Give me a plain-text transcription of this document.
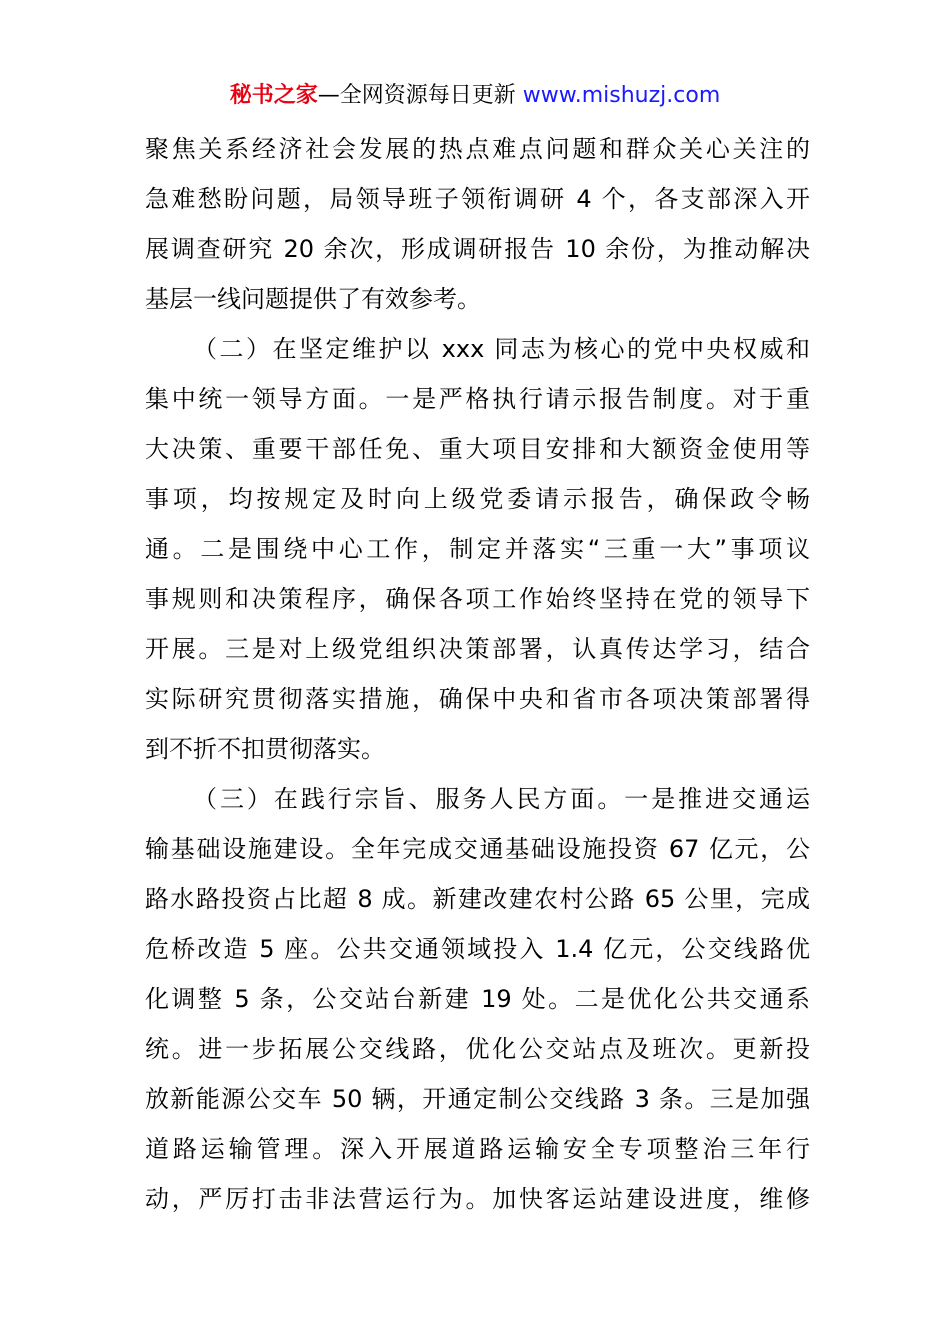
秘书之家—全网资源每日更新 www.mishuzj.com
聚焦关系经济社会发展的热点难点问题和群众关心关注的
急难愁盼问题，局领导班子领衔调研 4 个，各支部深入开
展调查研究 20 余次，形成调研报告 10 余份，为推动解决
基层一线问题提供了有效参考。
（二）在坚定维护以 xxx 同志为核心的党中央权威和
集中统一领导方面。一是严格执行请示报告制度。对于重
大决策、重要干部任免、重大项目安排和大额资金使用等
事项，均按规定及时向上级党委请示报告，确保政令畅
通。二是围绕中心工作，制定并落实“三重一大”事项议
事规则和决策程序，确保各项工作始终坚持在党的领导下
开展。三是对上级党组织决策部署，认真传达学习，结合
实际研究贯彻落实措施，确保中央和省市各项决策部署得
到不折不扣贯彻落实。
（三）在践行宗旨、服务人民方面。一是推进交通运
输基础设施建设。全年完成交通基础设施投资 67 亿元，公
路水路投资占比超 8 成。新建改建农村公路 65 公里，完成
危桥改造 5 座。公共交通领域投入 1.4 亿元，公交线路优
化调整 5 条，公交站台新建 19 处。二是优化公共交通系
统。进一步拓展公交线路，优化公交站点及班次。更新投
放新能源公交车 50 辆，开通定制公交线路 3 条。三是加强
道路运输管理。深入开展道路运输安全专项整治三年行
动，严厉打击非法营运行为。加快客运站建设进度，维修
